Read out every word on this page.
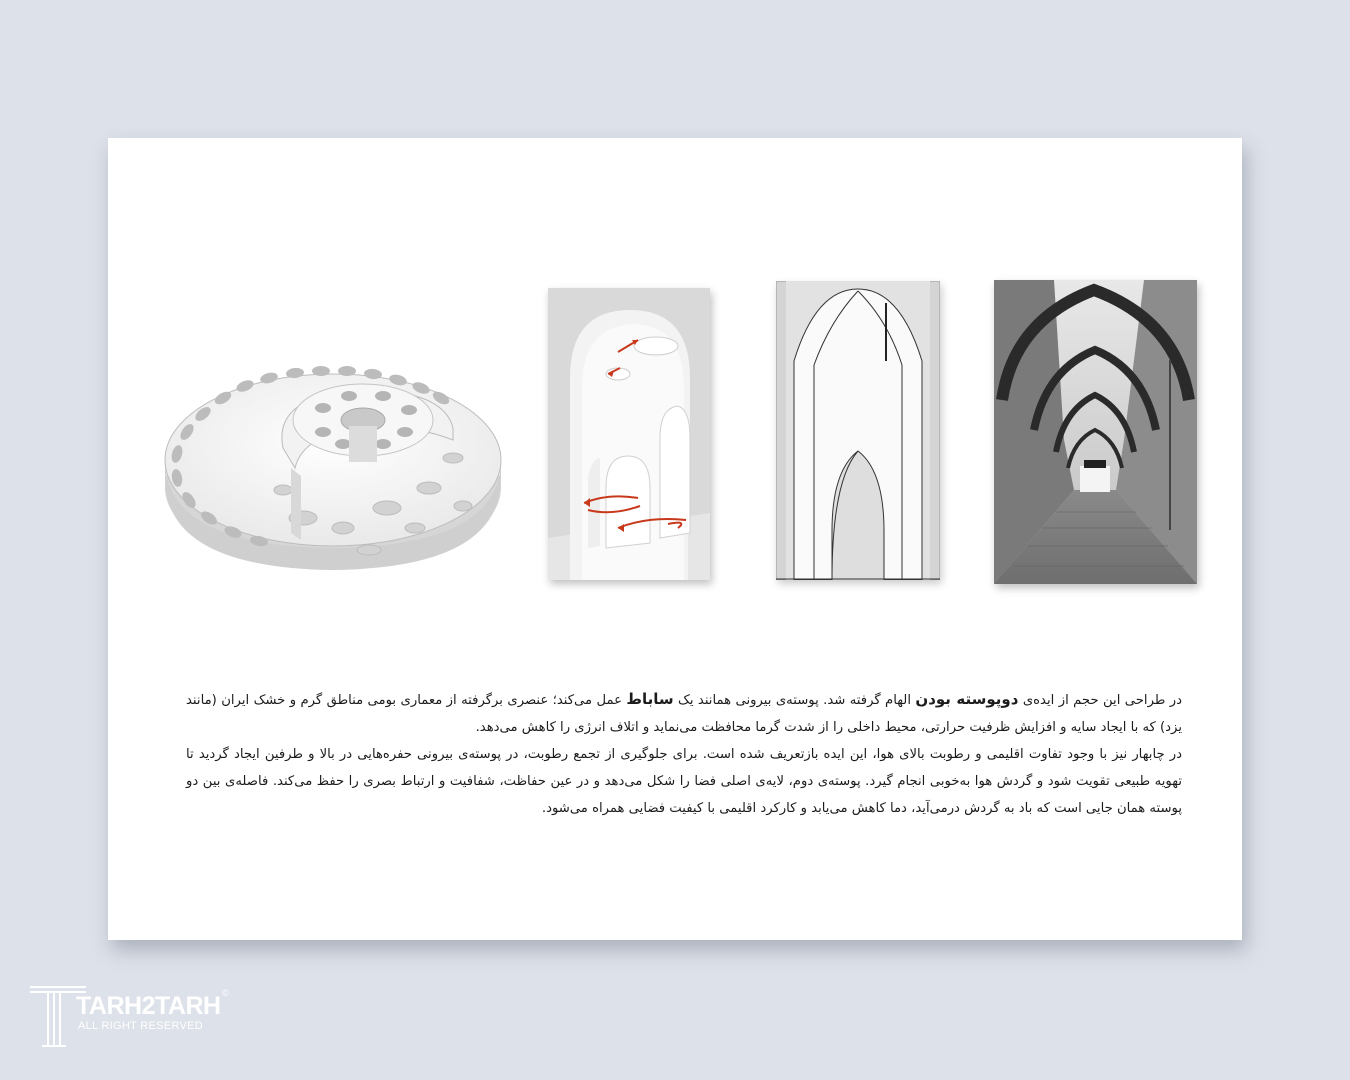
در طراحی این حجم از ایده‌ی دوپوسته بودن الهام گرفته شد. پوسته‌ی بیرونی همانند یک ساباط عمل می‌کند؛ عنصری برگرفته از معماری بومی مناطق گرم و خشک ایران (مانند یزد) که با ایجاد سایه و افزایش ظرفیت حرارتی، محیط داخلی را از شدت گرما محافظت می‌نماید و اتلاف انرژی را کاهش می‌دهد.

در چابهار نیز با وجود تفاوت اقلیمی و رطوبت بالای هوا، این ایده بازتعریف شده است. برای جلوگیری از تجمع رطوبت، در پوسته‌ی بیرونی حفره‌هایی در بالا و طرفین ایجاد گردید تا تهویه طبیعی تقویت شود و گردش هوا به‌خوبی انجام گیرد. پوسته‌ی دوم، لایه‌ی اصلی فضا را شکل می‌دهد و در عین حفاظت، شفافیت و ارتباط بصری را حفظ می‌کند. فاصله‌ی بین دو پوسته همان جایی است که باد به گردش درمی‌آید، دما کاهش می‌یابد و کارکرد اقلیمی با کیفیت فضایی همراه می‌شود.

TARH2TARH
ALL RIGHT RESERVED
©
